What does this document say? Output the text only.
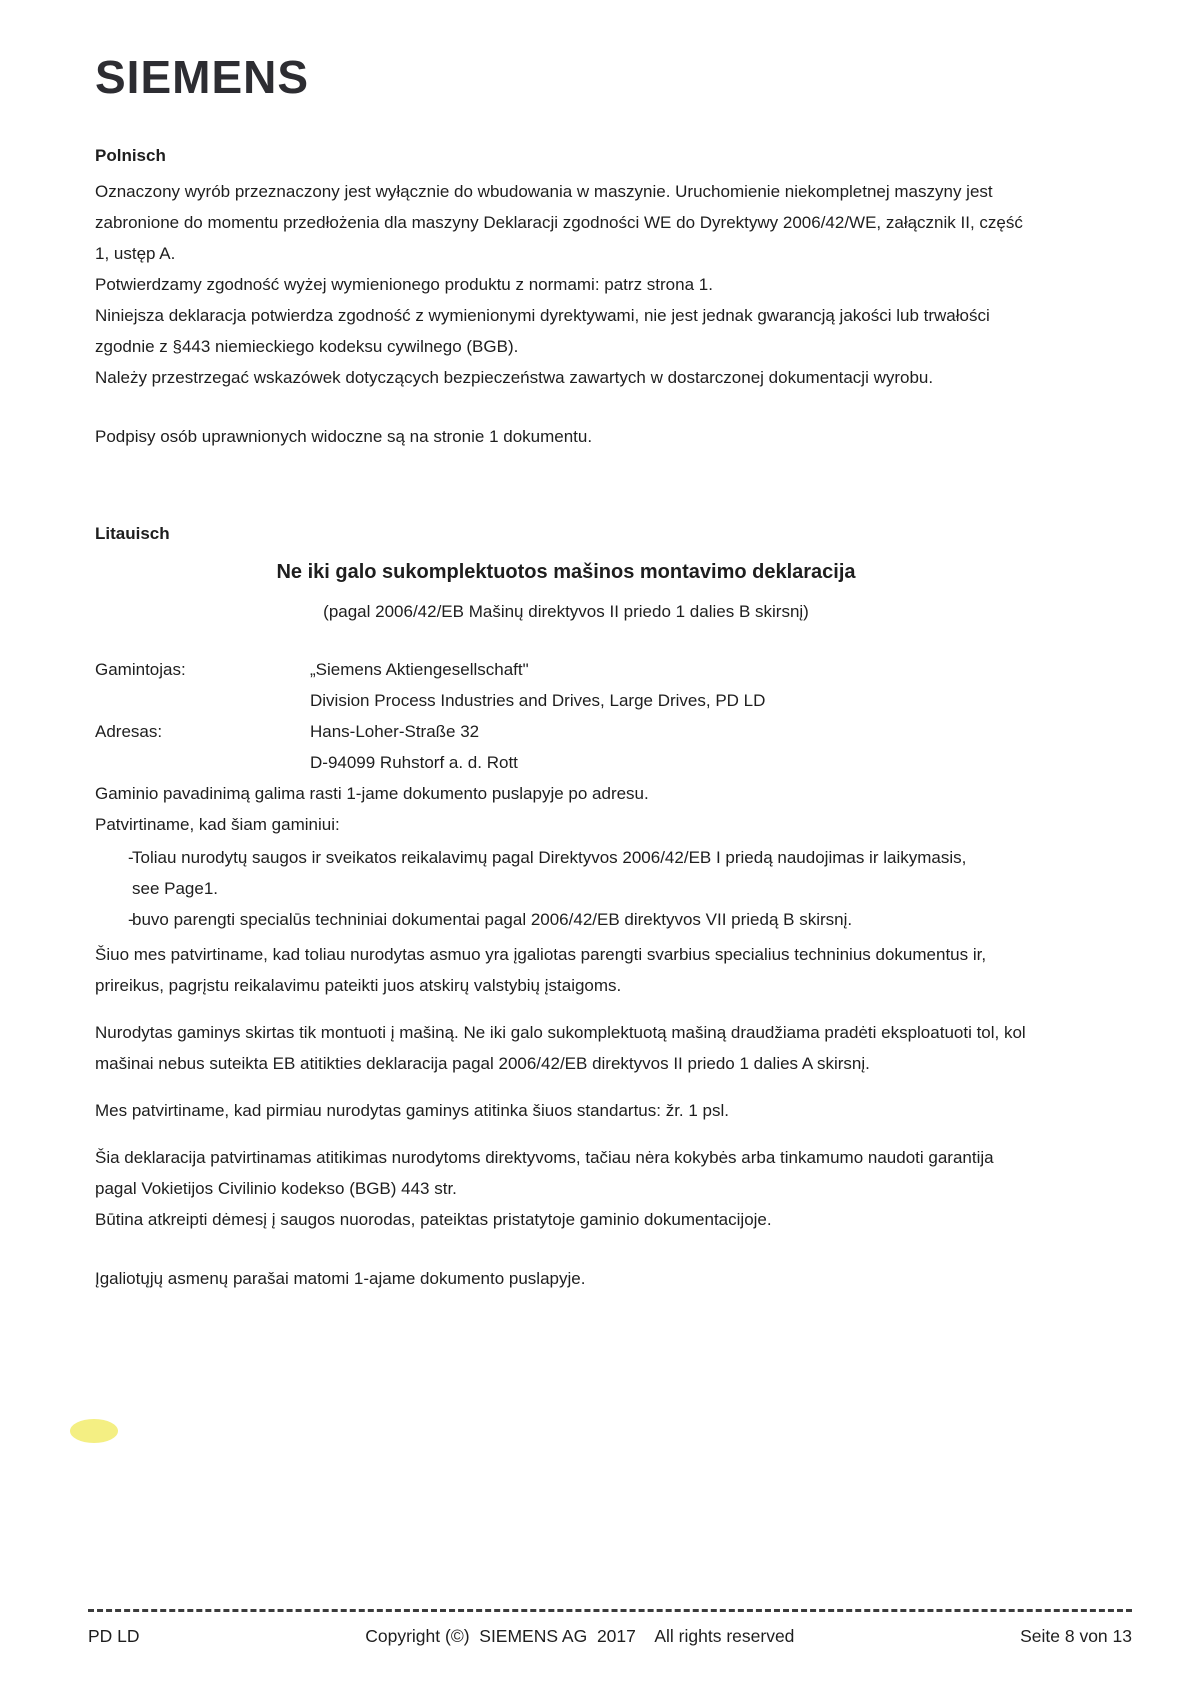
SIEMENS
Polnisch
Oznaczony wyrób przeznaczony jest wyłącznie do wbudowania w maszynie. Uruchomienie niekompletnej maszyny jest zabronione do momentu przedłożenia dla maszyny Deklaracji zgodności WE do Dyrektywy 2006/42/WE, załącznik II, część 1, ustęp A.
Potwierdzamy zgodność wyżej wymienionego produktu z normami: patrz strona 1.
Niniejsza deklaracja potwierdza zgodność z wymienionymi dyrektywami, nie jest jednak gwarancją jakości lub trwałości zgodnie z §443 niemieckiego kodeksu cywilnego (BGB).
Należy przestrzegać wskazówek dotyczących bezpieczeństwa zawartych w dostarczonej dokumentacji wyrobu.
Podpisy osób uprawnionych widoczne są na stronie 1 dokumentu.
Litauisch
Ne iki galo sukomplektuotos mašinos montavimo deklaracija
(pagal 2006/42/EB Mašinų direktyvos II priedo 1 dalies B skirsnį)
Gamintojas:	„Siemens Aktiengesellschaft"
Division Process Industries and Drives, Large Drives, PD LD
Adresas:	Hans-Loher-Straße 32
D-94099 Ruhstorf a. d. Rott
Gaminio pavadinimą galima rasti 1-jame dokumento puslapyje po adresu.
Patvirtiname, kad šiam gaminiui:
-
Toliau nurodytų saugos ir sveikatos reikalavimų pagal Direktyvos 2006/42/EB I priedą naudojimas ir laikymasis, see Page1.
-
buvo parengti specialūs techniniai dokumentai pagal 2006/42/EB direktyvos VII priedą B skirsnį.
Šiuo mes patvirtiname, kad toliau nurodytas asmuo yra įgaliotas parengti svarbius specialius techninius dokumentus ir, prireikus, pagrįstu reikalavimu pateikti juos atskirų valstybių įstaigoms.
Nurodytas gaminys skirtas tik montuoti į mašiną. Ne iki galo sukomplektuotą mašiną draudžiama pradėti eksploatuoti tol, kol mašinai nebus suteikta EB atitikties deklaracija pagal 2006/42/EB direktyvos II priedo 1 dalies A skirsnį.
Mes patvirtiname, kad pirmiau nurodytas gaminys atitinka šiuos standartus: žr. 1 psl.
Šia deklaracija patvirtinamas atitikimas nurodytoms direktyvoms, tačiau nėra kokybės arba tinkamumo naudoti garantija pagal Vokietijos Civilinio kodekso (BGB) 443 str.
Būtina atkreipti dėmesį į saugos nuorodas, pateiktas pristatytoje gaminio dokumentacijoje.
Įgaliotųjų asmenų parašai matomi 1-ajame dokumento puslapyje.
PD LD	Copyright (©)  SIEMENS AG  2017    All rights reserved	Seite 8 von 13
